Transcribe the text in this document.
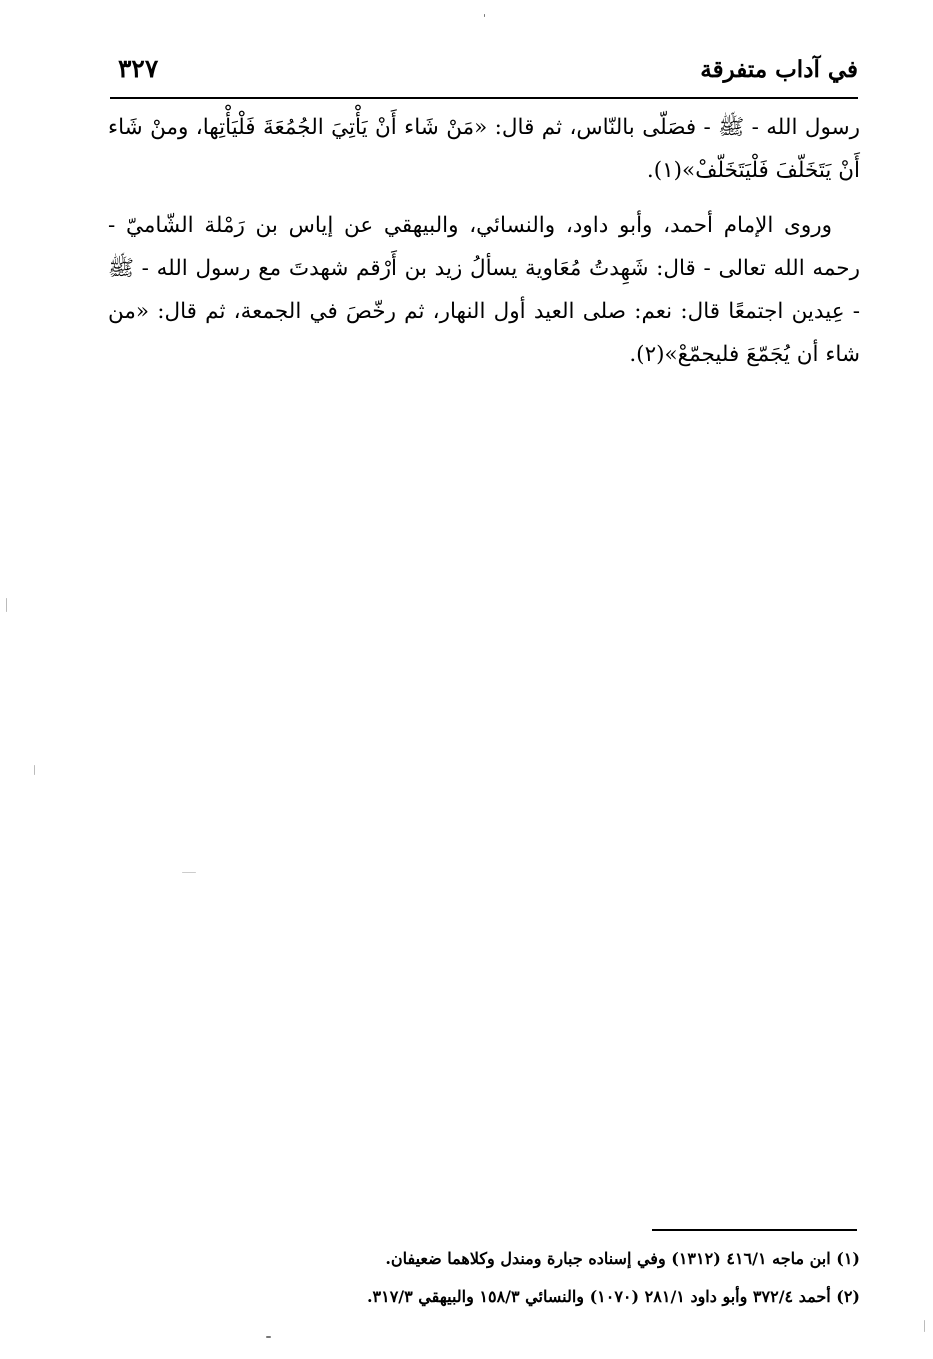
في آداب متفرقة
٣٢٧

رسول الله - ﷺ - فصَلّى بالنّاس، ثم قال: «مَنْ شَاء أَنْ يَأْتِيَ الجُمُعَةَ فَلْيَأْتِها، ومنْ شَاء أَنْ يَتَخَلّفَ فَلْيَتَخَلّفْ»(١).

وروى الإمام أحمد، وأبو داود، والنسائي، والبيهقي عن إياس بن رَمْلة الشّاميّ - رحمه الله تعالى - قال: شَهِدتُ مُعَاوية يسألُ زيد بن أَرْقم شهدتَ مع رسول الله - ﷺ - عِيدين اجتمعًا قال: نعم: صلى العيد أول النهار، ثم رخّصَ في الجمعة، ثم قال: «من شاء أن يُجَمّعَ فليجمّعْ»(٢).

(١) ابن ماجه ٤١٦/١ (١٣١٢) وفي إسناده جبارة ومندل وكلاهما ضعيفان.

(٢) أحمد ٣٧٢/٤ وأبو داود ٢٨١/١ (١٠٧٠) والنسائي ١٥٨/٣ والبيهقي ٣١٧/٣.
